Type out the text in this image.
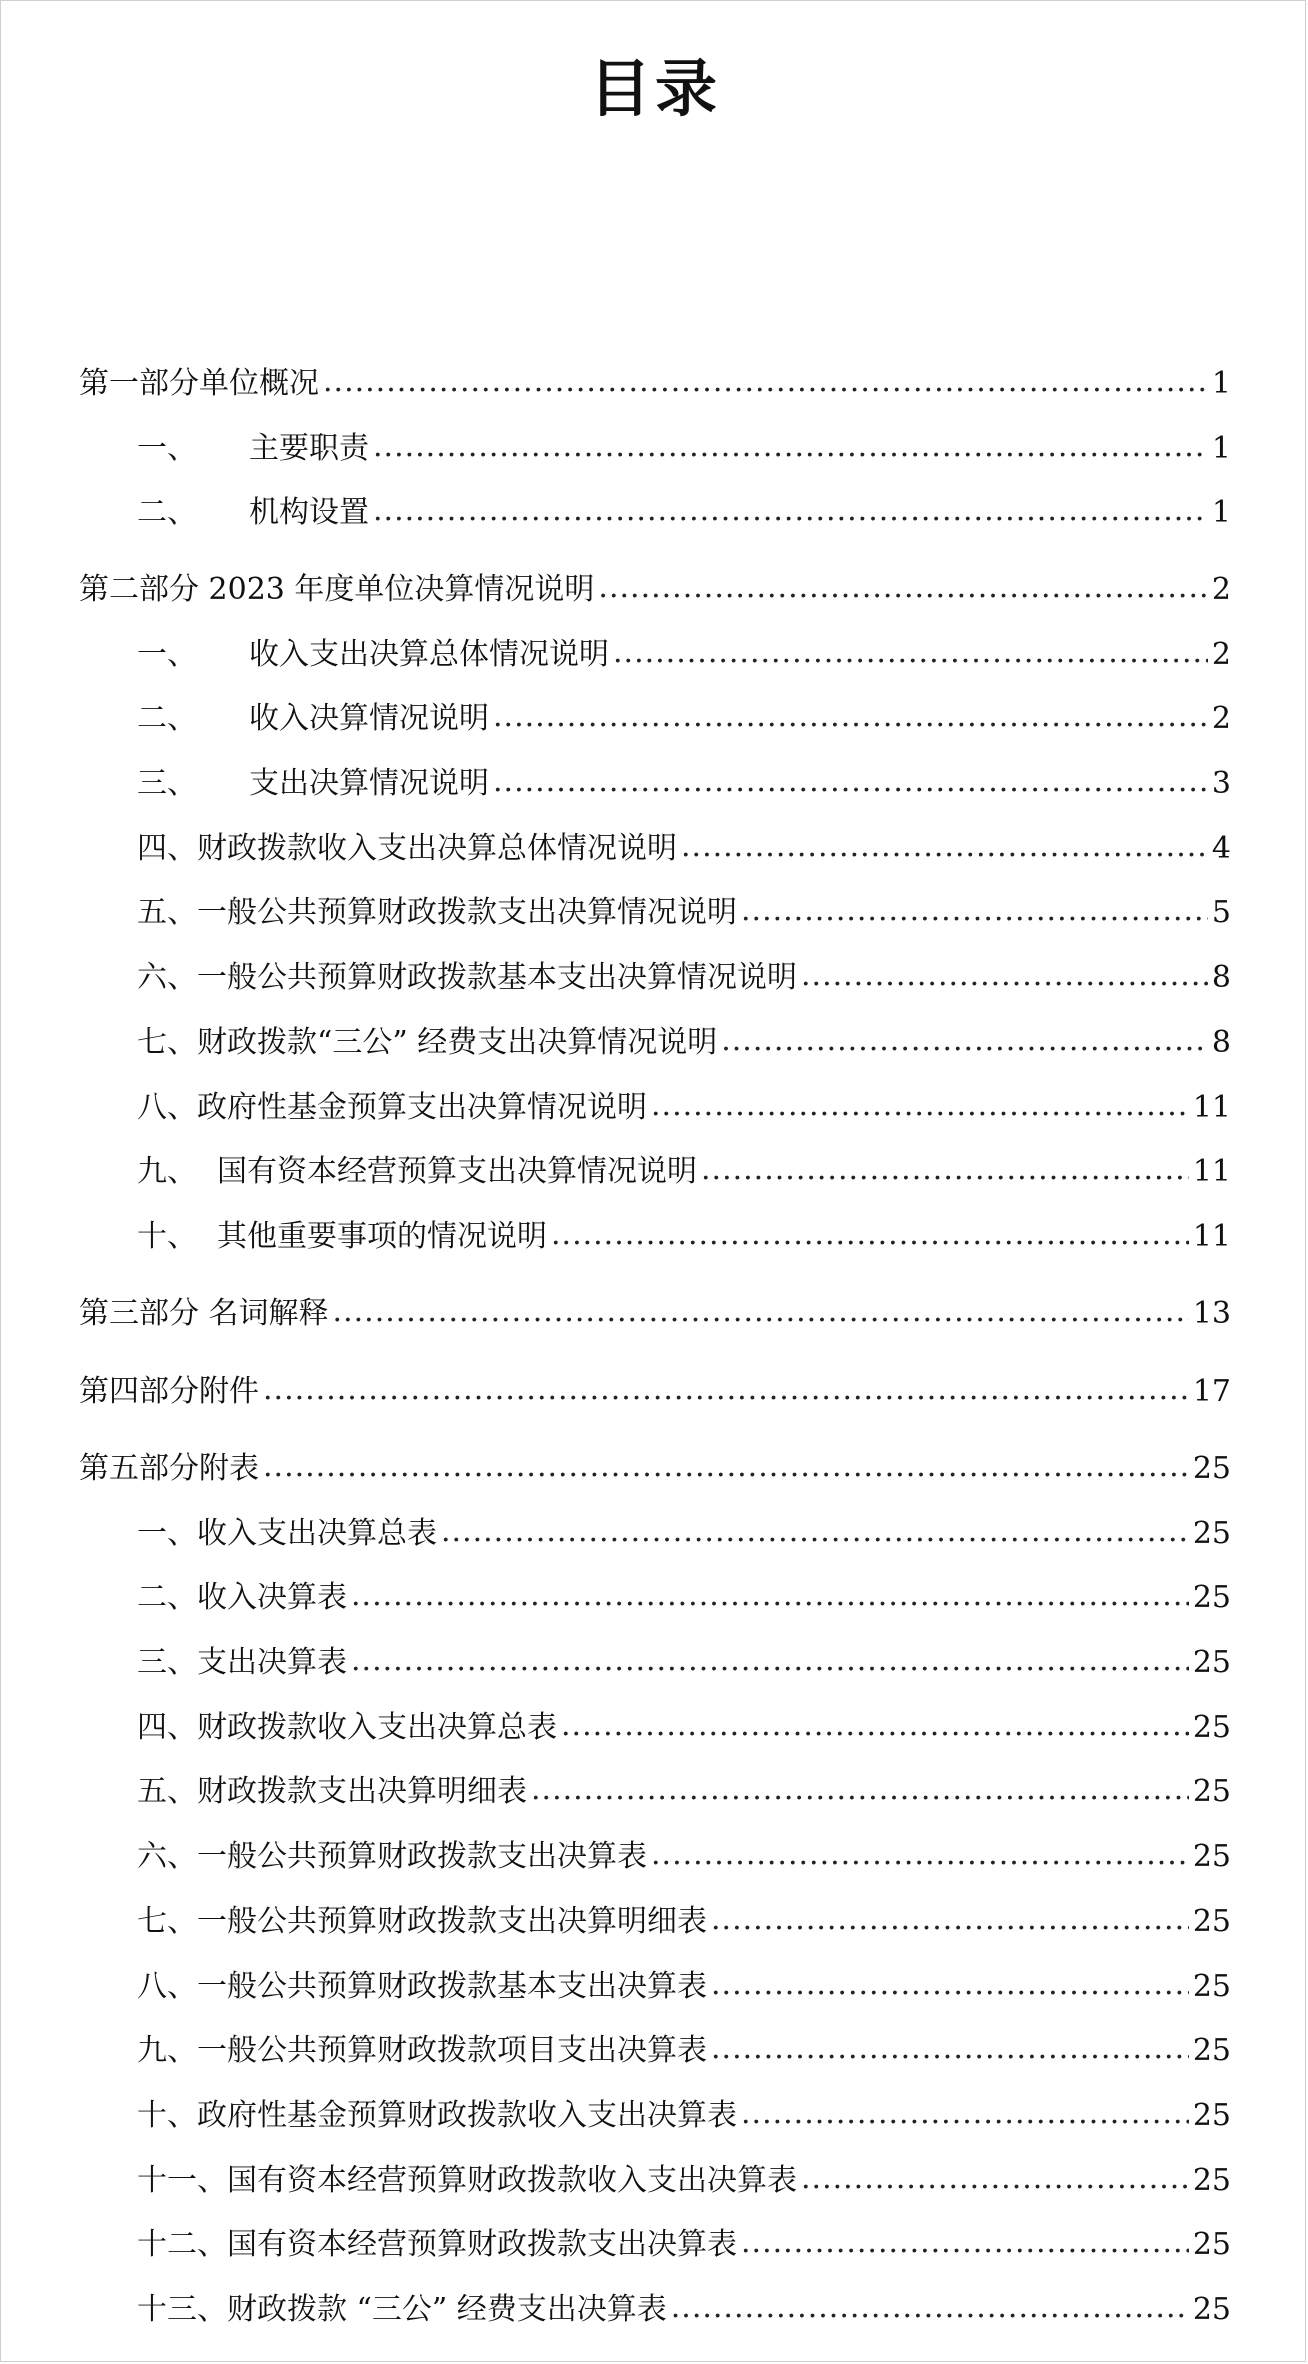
目录
第一部分单位概况 .....	1
一、 主要职责 .....	1
二、 机构设置 .....	1
第二部分 2023 年度单位决算情况说明 .....	2
一、 收入支出决算总体情况说明 .....	2
二、 收入决算情况说明 .....	2
三、 支出决算情况说明 .....	3
四、财政拨款收入支出决算总体情况说明 .....	4
五、一般公共预算财政拨款支出决算情况说明 .....	5
六、一般公共预算财政拨款基本支出决算情况说明 .....	8
七、财政拨款“三公” 经费支出决算情况说明 .....	8
八、政府性基金预算支出决算情况说明 .....	11
九、 国有资本经营预算支出决算情况说明 .....	11
十、 其他重要事项的情况说明 .....	11
第三部分 名词解释 .....	13
第四部分附件 .....	17
第五部分附表 .....	25
一、收入支出决算总表 .....	25
二、收入决算表 .....	25
三、支出决算表 .....	25
四、财政拨款收入支出决算总表 .....	25
五、财政拨款支出决算明细表 .....	25
六、一般公共预算财政拨款支出决算表 .....	25
七、一般公共预算财政拨款支出决算明细表 .....	25
八、一般公共预算财政拨款基本支出决算表 .....	25
九、一般公共预算财政拨款项目支出决算表 .....	25
十、政府性基金预算财政拨款收入支出决算表 .....	25
十一、国有资本经营预算财政拨款收入支出决算表 .....	25
十二、国有资本经营预算财政拨款支出决算表 .....	25
十三、财政拨款 “三公” 经费支出决算表 .....	25
